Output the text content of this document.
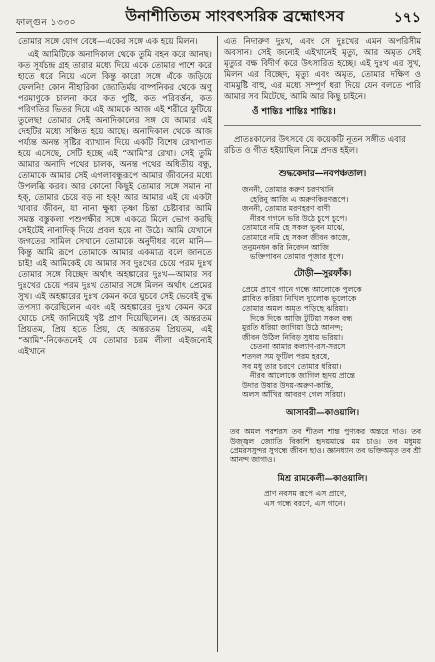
ফাল্গুন ১৩৩০	উনাশীতিতম সাংবৎসরিক ব্রহ্মোৎসব	১৭১

তোমার সঙ্গে যোগ বেধে—একের সঙ্গে এক হয়ে মিলন।

এই আমিটিকে অনাদিকাল থেকে তুমি বহন করে আনছ। কত সূর্যচন্দ্র গ্রহ তারার মধ্যে দিয়ে একে তোমার পাশে করে হাতে ধরে নিয়ে এলে কিন্তু কারো সঙ্গে এঁকে জড়িয়ে ফেলনি! কোন নীহারিকা জ্যোতির্ময় বাষ্পনিকর থেকে অণু পরমাণুকে চালনা করে কত পুষ্টি, কত পরিবর্ত্তন, কত পরিণতির ভিতর দিয়ে এই আমকে আজ এই শরীরে ফুটিয়ে তুলেছ! তোমার সেই অনাদিকালের সঙ্গ যে আমার এই দেহটির মধ্যে সঞ্চিত হয়ে আছে। অনাদিকাল থেকে আজ পর্য্যন্ত অনন্ত সৃষ্টির ব্যাখ্যান দিয়ে একটি বিশেষ রেখাপাত হয়ে এসেছে, সেটি হচ্ছে এই “আমি”র রেখা। সেই তুমি আমার অনাদি পথের চালক, অনন্ত পথের অধিতীয় বন্ধু, তোমাকে আমার সেই এগলাবন্ধুরূপে আমার জীবনের মধ্যে উপলব্ধি করব। আর কোনো কিছুই তোমার সঙ্গে সমান না হক্, তোমার চেয়ে বড় না হক্! আর আমার এই যে একটা খাবার জীবন, যা নানা ক্ষুধা তৃষ্ণা চিন্তা চেষ্টাবার আমি সমস্ত বস্তুকলা পশুপক্ষীর সঙ্গে একত্রে মিলে ভোগ করছি সেইটেই নানাদিক্ দিয়ে প্রবল হয়ে না উঠে। আমি যেখানে জগতের সামিল সেখানে তোমাকে অনুদীধর বলে মানি—কিন্তু আমি রূপে তোমাকে আমার একমাত্র বলে জানতে চাই! এই আমিকেই যে আমার সব দুঃখের চেয়ে পরম দুঃখ তোমার সঙ্গে বিচ্ছেদ অর্থাৎ অহঙ্কারের দুঃখ—আমার সব দুঃখের চেয়ে পরম দুঃখ তোমার সঙ্গে মিলন অর্থাৎ প্রেমের সুখ। এই অহঙ্কারের দুঃখ কেমন করে ঘুচবে সেই ভেবেই বুদ্ধ তপস্যা করেছিলেন এবং এই অহঙ্কারের দুঃখ কেমন করে ঘোচে সেই জানিয়েই খৃষ্ট প্রাণ দিয়েছিলেন। হে অন্তরতম প্রিয়তম, প্রিয় হতে প্রিয়, হে অন্তরতম প্রিয়তম, এই “আমি”-নিকেতনেই যে তোমার চরম লীলা এইজন্যেই এইখানে

এত নিদারুণ দুঃখ, এবং সে দুঃখের এমন অপরিসীম অবসান। সেই জন্যেই এইখানেই মৃত্যু, আর অমৃত সেই মৃত্যুর বক্ষ বিদীর্ণ করে উৎসারিত হচ্ছে। এই দুঃখ এর সুখ, মিলন এর বিচ্ছেদ, মৃত্যু এবং অমৃত, তোমার দক্ষিণ ও বামমুষ্টি বাহু, এর মধ্যে সম্পূর্ণ ধরা দিয়ে যেন বলতে পারি আমার সব মিটেছে, আমি আর কিছু চাইনে।

ওঁ শান্তিঃ শান্তিঃ শান্তিঃ।

প্রাতঃকালের উৎসবে যে কয়েকটি নূতন সঙ্গীত এবার রচিত ও গীত হইয়াছিল নিম্নে প্রদত্ত হইল।

শুদ্ধকেদার—নবপঞ্চতাল।
জননী, তোমার করুণ চরণখানি
হেরিনু আজি এ অরুণকিরণরূপে।
জননী, তোমার মরণহরণ বাণী
নীরব গগনে ভরি উঠে চুপে চুপে।
তোমারে নমি হে সকল ভুবন মাঝে,
তোমারে নমি হে সকল জীবন কাজে,
তনুমনধন করি নিবেদন আজি
ভক্তিপাবন তোমার পূজার ধূপে।
টোড়ী—সুরফাঁক।
প্রেমে প্রাণে গানে গন্ধে আলোকে পুলকে
প্লাবিত করিয়া নিখিল দ্যুলোক ভূলোকে
তোমার অমল অমৃত পড়িছে ঝরিয়া।
দিকে দিকে আজি টুটিয়া সকল বন্ধ
মুরতি ধরিয়া জাগিয়া উঠে আনন্দ;
জীবন উঠিল নিবিড় সুধায় ভরিয়া।
চেতনা আমার কল্যাণ-রস-সরসে
শতদল সম ফুটিল পরম হরষে,
সব মধু তার চরণে তোমার ধরিয়া।
নীরব আলোকে জাগিল হৃদয় প্রান্তে
উদার উষার উদয়-অরুণ-কান্তি,
অলস আঁখির আবরণ গেল সরিয়া।
আসাবরী—কাওয়ালি।

তব অমল পরশরস তব শীতল শান্ত পুণ্যকর অন্তরে দাও। তব উজ্জ্বল জ্যোতি বিকাশি হৃদয়মাঝে মম চাও। তব মধুময় প্রেমরসসুন্দর সুগন্ধে জীবন ছাও। জ্ঞানধ্যান তব ভক্তিঅমৃত তব শ্রী আনন্দ জাগাও।

মিশ্র রামকেলী—কাওয়ালি।
প্রাণ নবসম রূপে এস প্রাণে,
এস গন্ধে বরণে, এস গানে।
